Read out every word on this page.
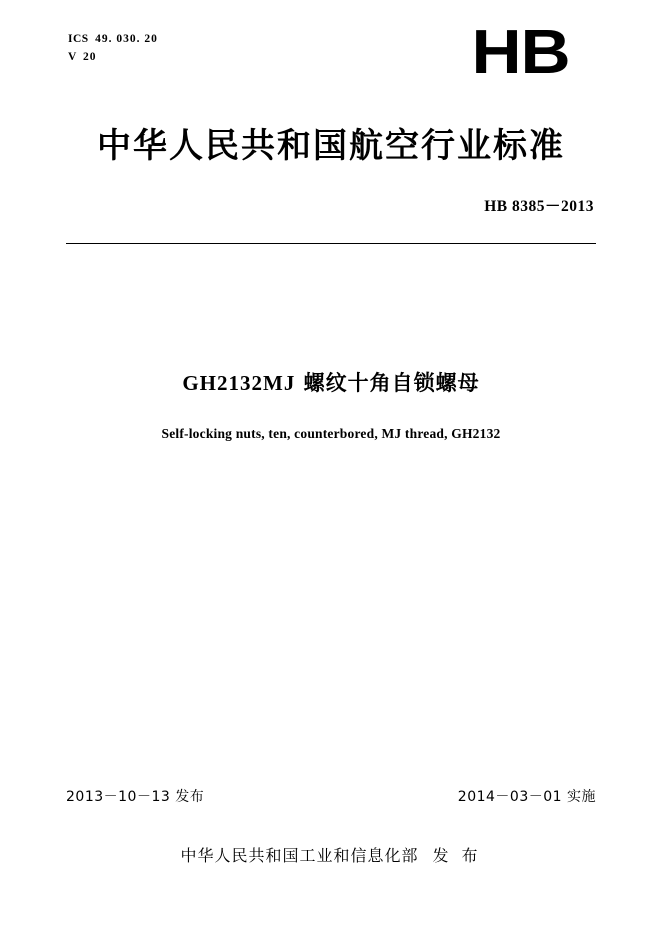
ICS 49. 030. 20
V 20	HB
中华人民共和国航空行业标准
HB 8385－2013
GH2132MJ 螺纹十角自锁螺母
Self-locking nuts, ten, counterbored, MJ thread, GH2132
2013－10－13 发布	2014－03－01 实施
中华人民共和国工业和信息化部 发 布
